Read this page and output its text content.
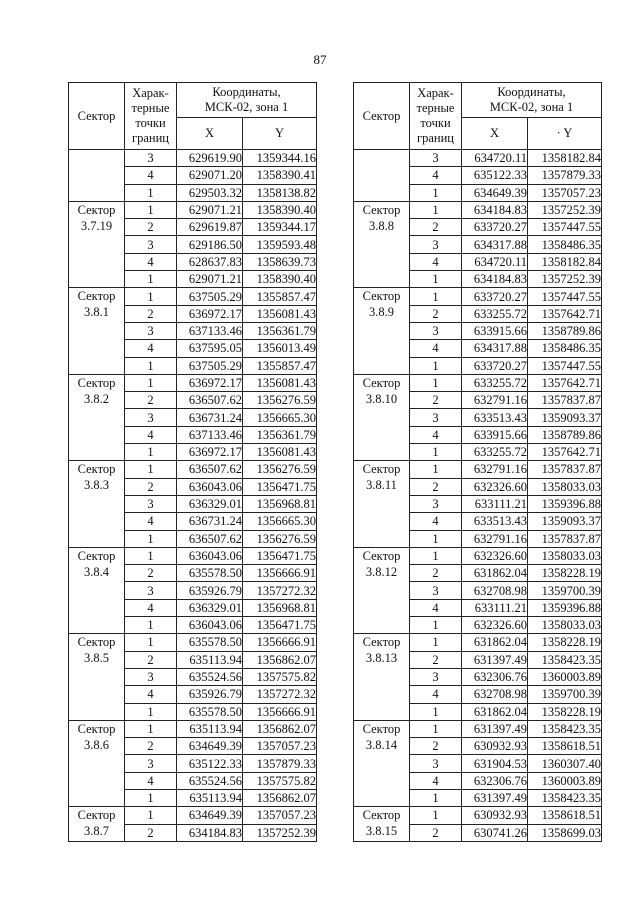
87
Сектор	Харак-
терные
точки
границ	Координаты,
МСК-02, зона 1	
		X	Y
	3	629619.90	1359344.16
	4	629071.20	1358390.41
	1	629503.32	1358138.82
Сектор
3.7.19	1	629071.21	1358390.40
	2	629619.87	1359344.17
	3	629186.50	1359593.48
	4	628637.83	1358639.73
	1	629071.21	1358390.40
Сектор
3.8.1	1	637505.29	1355857.47
	2	636972.17	1356081.43
	3	637133.46	1356361.79
	4	637595.05	1356013.49
	1	637505.29	1355857.47
Сектор
3.8.2	1	636972.17	1356081.43
	2	636507.62	1356276.59
	3	636731.24	1356665.30
	4	637133.46	1356361.79
	1	636972.17	1356081.43
Сектор
3.8.3	1	636507.62	1356276.59
	2	636043.06	1356471.75
	3	636329.01	1356968.81
	4	636731.24	1356665.30
	1	636507.62	1356276.59
Сектор
3.8.4	1	636043.06	1356471.75
	2	635578.50	1356666.91
	3	635926.79	1357272.32
	4	636329.01	1356968.81
	1	636043.06	1356471.75
Сектор
3.8.5	1	635578.50	1356666.91
	2	635113.94	1356862.07
	3	635524.56	1357575.82
	4	635926.79	1357272.32
	1	635578.50	1356666.91
Сектор
3.8.6	1	635113.94	1356862.07
	2	634649.39	1357057.23
	3	635122.33	1357879.33
	4	635524.56	1357575.82
	1	635113.94	1356862.07
Сектор
3.8.7	1	634649.39	1357057.23
	2	634184.83	1357252.39
Сектор	Харак-
терные
точки
границ	Координаты,
МСК-02, зона 1	
		X	· Y
	3	634720.11	1358182.84
	4	635122.33	1357879.33
	1	634649.39	1357057.23
Сектор
3.8.8	1	634184.83	1357252.39
	2	633720.27	1357447.55
	3	634317.88	1358486.35
	4	634720.11	1358182.84
	1	634184.83	1357252.39
Сектор
3.8.9	1	633720.27	1357447.55
	2	633255.72	1357642.71
	3	633915.66	1358789.86
	4	634317.88	1358486.35
	1	633720.27	1357447.55
Сектор
3.8.10	1	633255.72	1357642.71
	2	632791.16	1357837.87
	3	633513.43	1359093.37
	4	633915.66	1358789.86
	1	633255.72	1357642.71
Сектор
3.8.11	1	632791.16	1357837.87
	2	632326.60	1358033.03
	3	633111.21	1359396.88
	4	633513.43	1359093.37
	1	632791.16	1357837.87
Сектор
3.8.12	1	632326.60	1358033.03
	2	631862.04	1358228.19
	3	632708.98	1359700.39
	4	633111.21	1359396.88
	1	632326.60	1358033.03
Сектор
3.8.13	1	631862.04	1358228.19
	2	631397.49	1358423.35
	3	632306.76	1360003.89
	4	632708.98	1359700.39
	1	631862.04	1358228.19
Сектор
3.8.14	1	631397.49	1358423.35
	2	630932.93	1358618.51
	3	631904.53	1360307.40
	4	632306.76	1360003.89
	1	631397.49	1358423.35
Сектор
3.8.15	1	630932.93	1358618.51
	2	630741.26	1358699.03
